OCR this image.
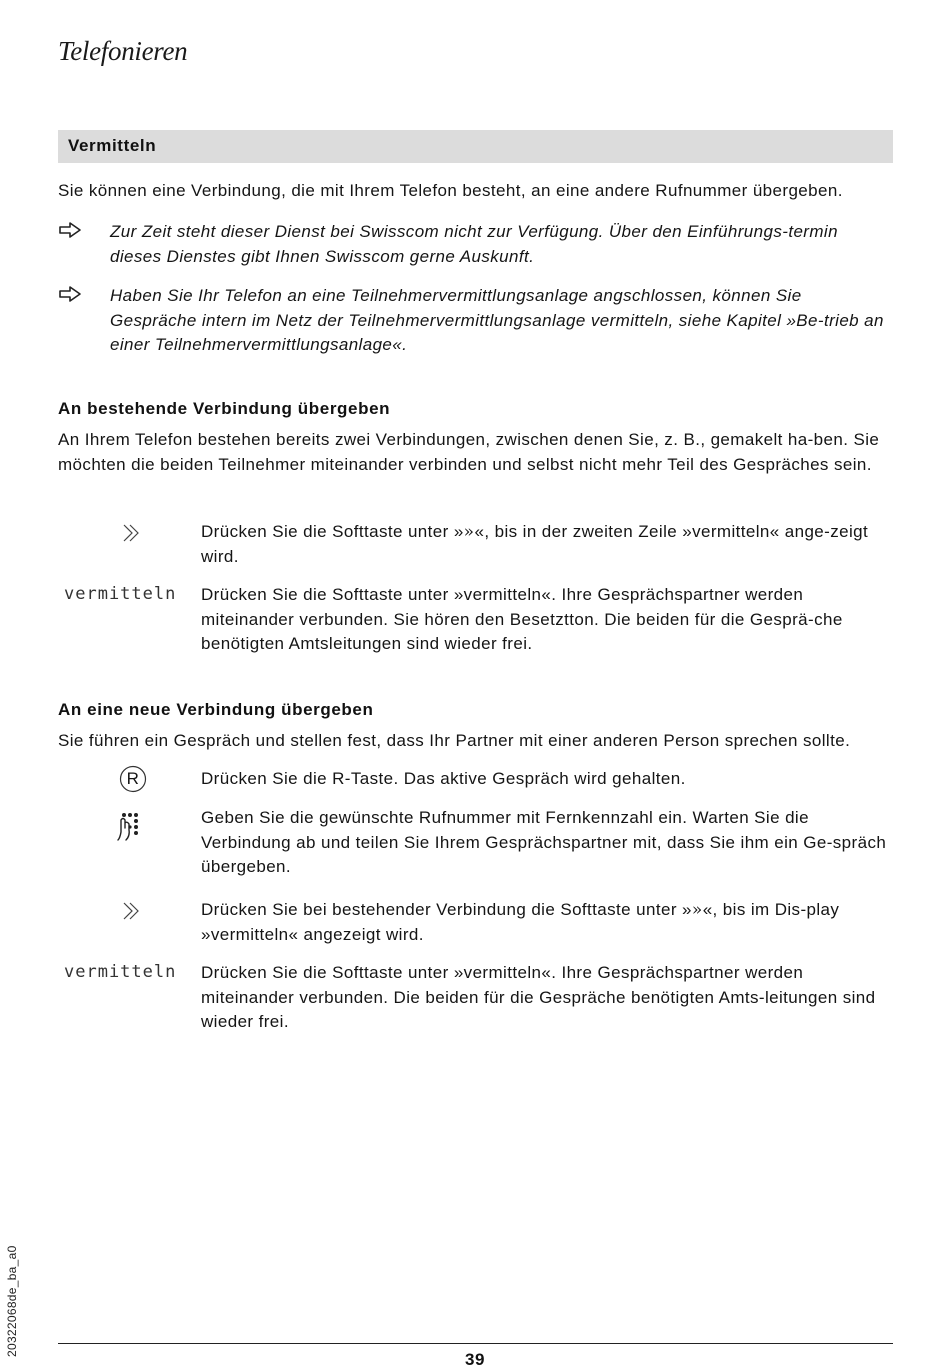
Telefonieren
Vermitteln
Sie können eine Verbindung, die mit Ihrem Telefon besteht, an eine andere Rufnummer übergeben.
Zur Zeit steht dieser Dienst bei Swisscom nicht zur Verfügung. Über den Einführungs-termin dieses Dienstes gibt Ihnen Swisscom gerne Auskunft.
Haben Sie Ihr Telefon an eine Teilnehmervermittlungsanlage angschlossen, können Sie Gespräche intern im Netz der Teilnehmervermittlungsanlage vermitteln, siehe Kapitel »Be-trieb an einer Teilnehmervermittlungsanlage«.
An bestehende Verbindung übergeben
An Ihrem Telefon bestehen bereits zwei Verbindungen, zwischen denen Sie, z. B., gemakelt ha-ben. Sie möchten die beiden Teilnehmer miteinander verbinden und selbst nicht mehr Teil des Gespräches sein.
Drücken Sie die Softtaste unter »»«, bis in der zweiten Zeile »vermitteln« ange-zeigt wird.
vermitteln Drücken Sie die Softtaste unter »vermitteln«. Ihre Gesprächspartner werden miteinander verbunden. Sie hören den Besetztton. Die beiden für die Gesprä-che benötigten Amtsleitungen sind wieder frei.
An eine neue Verbindung übergeben
Sie führen ein Gespräch und stellen fest, dass Ihr Partner mit einer anderen Person sprechen sollte.
R	Drücken Sie die R-Taste. Das aktive Gespräch wird gehalten.
Geben Sie die gewünschte Rufnummer mit Fernkennzahl ein. Warten Sie die Verbindung ab und teilen Sie Ihrem Gesprächspartner mit, dass Sie ihm ein Ge-spräch übergeben.
Drücken Sie bei bestehender Verbindung die Softtaste unter »»«, bis im Dis-play »vermitteln« angezeigt wird.
vermitteln Drücken Sie die Softtaste unter »vermitteln«. Ihre Gesprächspartner werden miteinander verbunden. Die beiden für die Gespräche benötigten Amts-leitungen sind wieder frei.
20322068de_ba_a0
39
